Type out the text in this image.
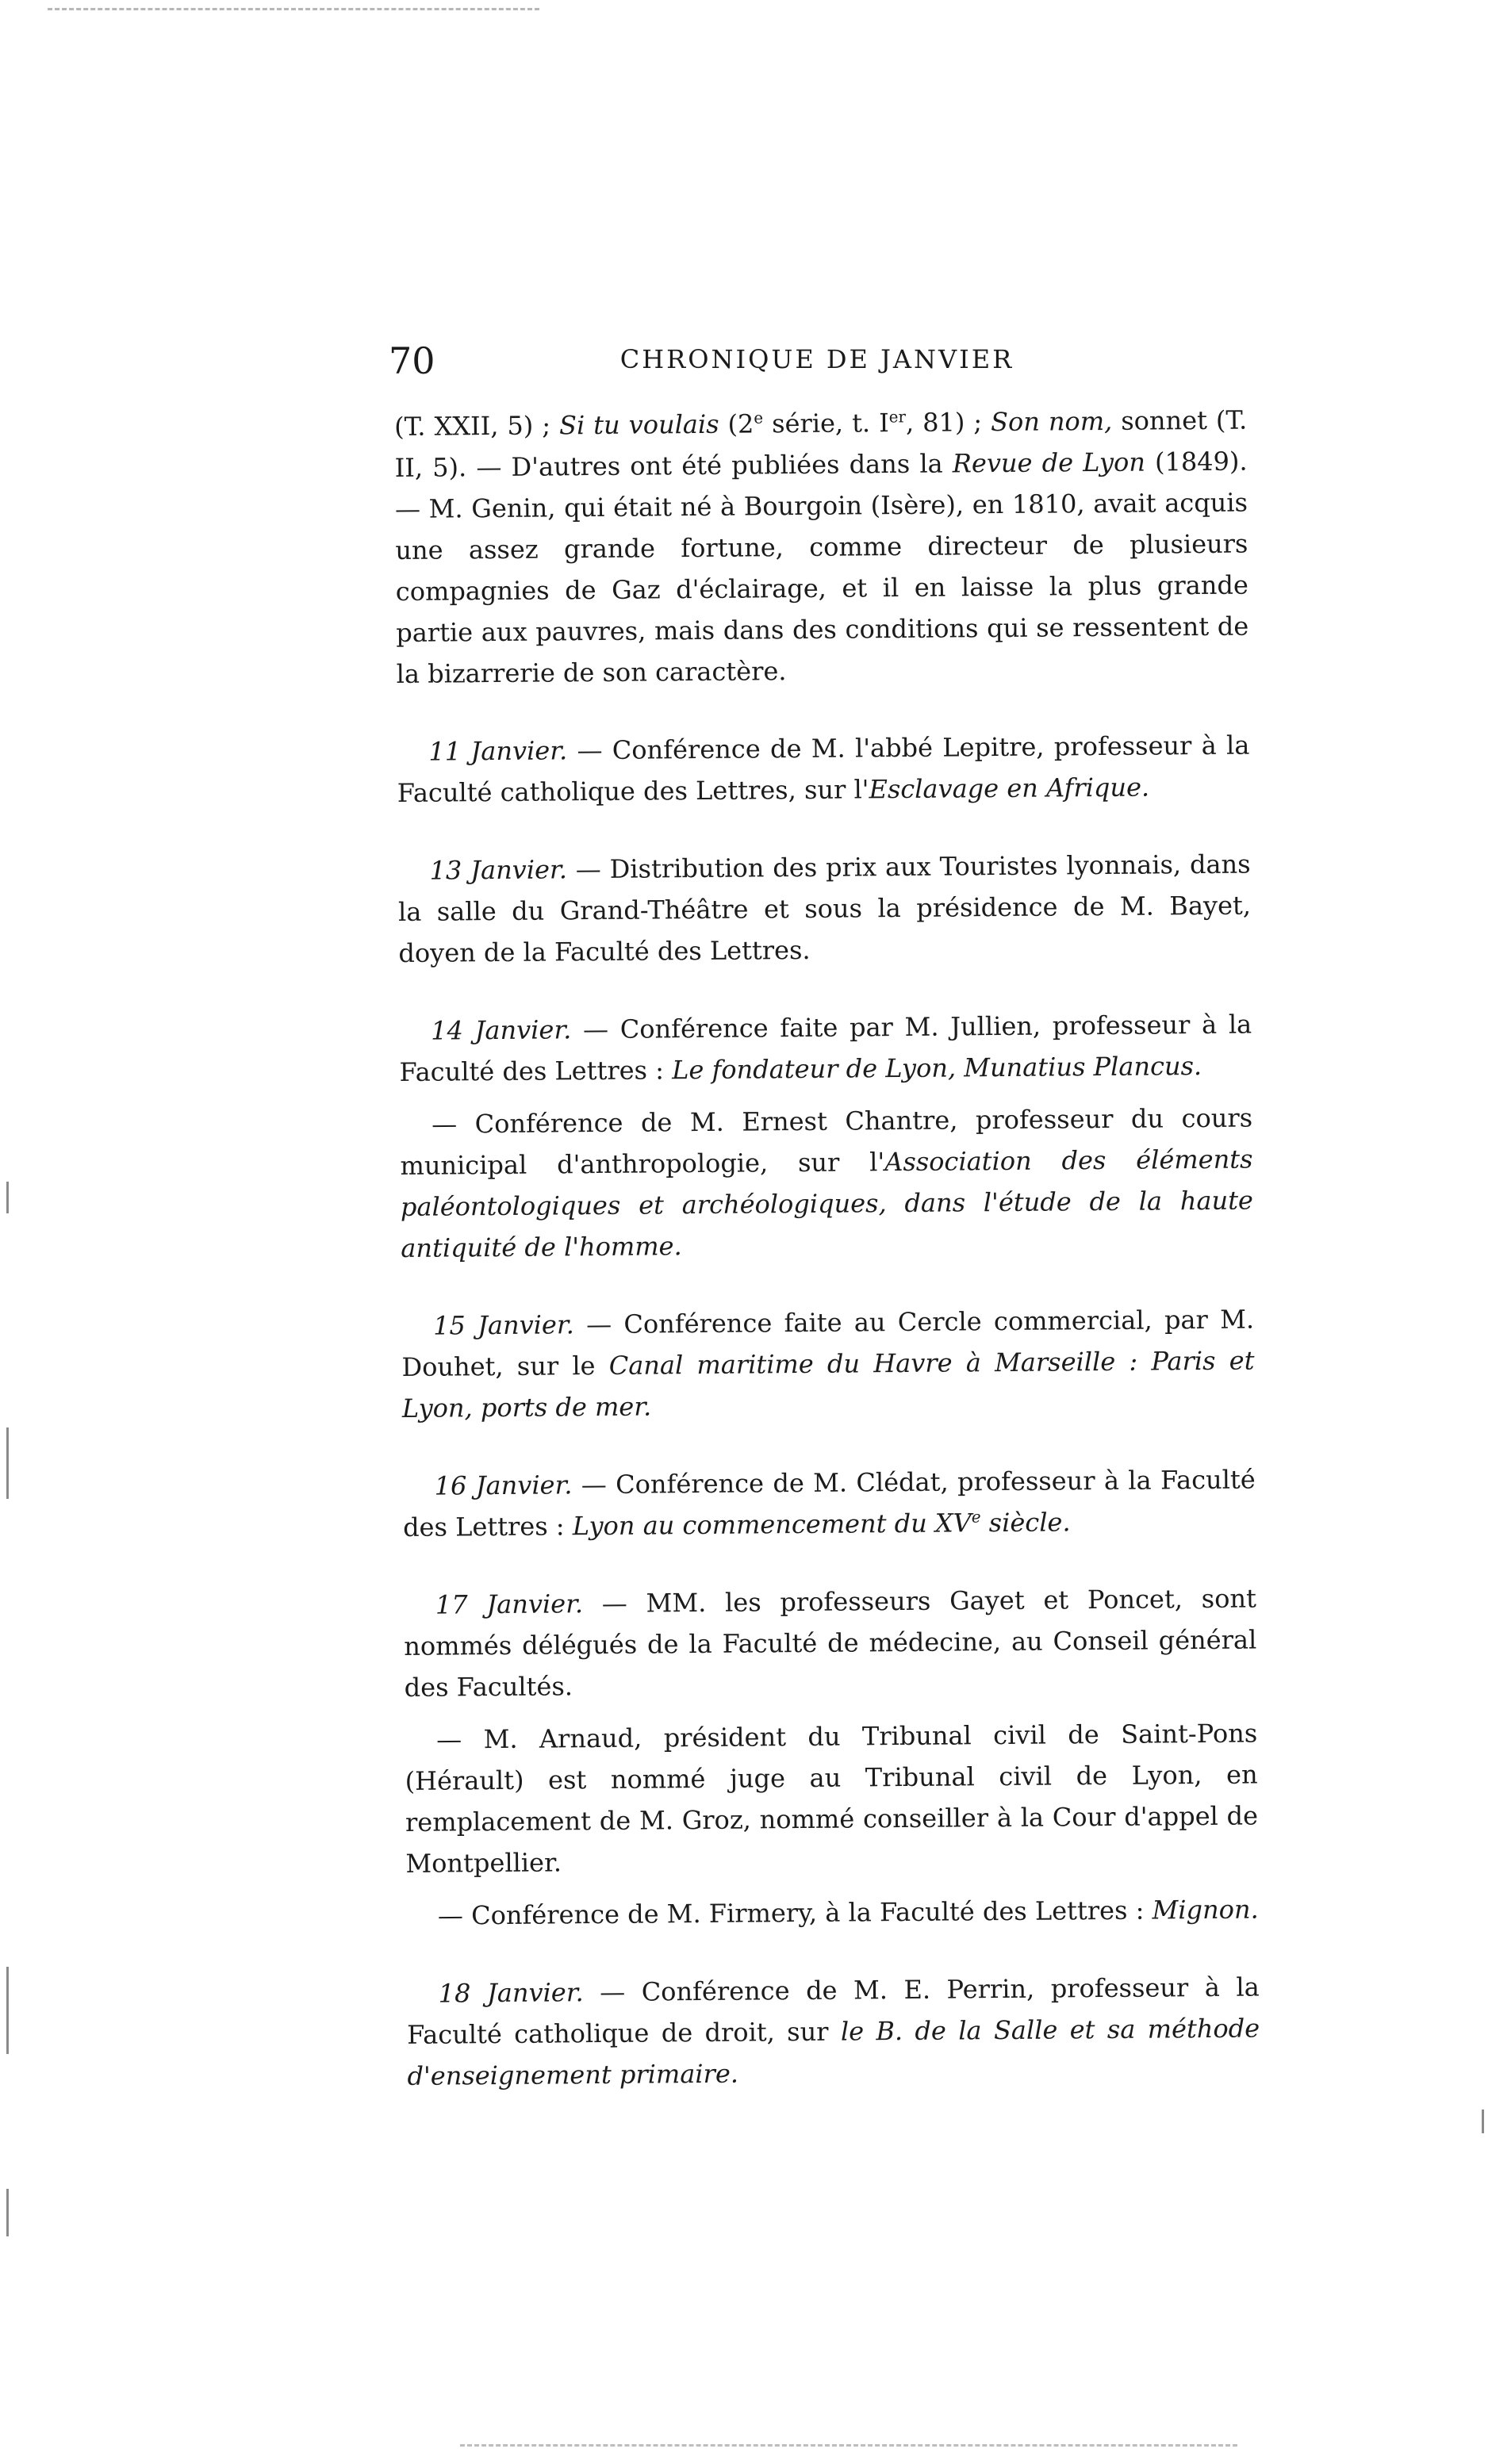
70	CHRONIQUE DE JANVIER

(T. XXII, 5) ; Si tu voulais (2e série, t. Ier, 81) ; Son nom, sonnet (T. II, 5). — D'autres ont été publiées dans la Revue de Lyon (1849). — M. Genin, qui était né à Bourgoin (Isère), en 1810, avait acquis une assez grande fortune, comme directeur de plusieurs compagnies de Gaz d'éclairage, et il en laisse la plus grande partie aux pauvres, mais dans des conditions qui se ressentent de la bizarrerie de son caractère.

11 Janvier. — Conférence de M. l'abbé Lepitre, professeur à la Faculté catholique des Lettres, sur l'Esclavage en Afrique.

13 Janvier. — Distribution des prix aux Touristes lyonnais, dans la salle du Grand-Théâtre et sous la présidence de M. Bayet, doyen de la Faculté des Lettres.

14 Janvier. — Conférence faite par M. Jullien, professeur à la Faculté des Lettres : Le fondateur de Lyon, Munatius Plancus.

— Conférence de M. Ernest Chantre, professeur du cours municipal d'anthropologie, sur l'Association des éléments paléontologiques et archéologiques, dans l'étude de la haute antiquité de l'homme.

15 Janvier. — Conférence faite au Cercle commercial, par M. Douhet, sur le Canal maritime du Havre à Marseille : Paris et Lyon, ports de mer.

16 Janvier. — Conférence de M. Clédat, professeur à la Faculté des Lettres : Lyon au commencement du XVe siècle.

17 Janvier. — MM. les professeurs Gayet et Poncet, sont nommés délégués de la Faculté de médecine, au Conseil général des Facultés.

— M. Arnaud, président du Tribunal civil de Saint-Pons (Hérault) est nommé juge au Tribunal civil de Lyon, en remplacement de M. Groz, nommé conseiller à la Cour d'appel de Montpellier.

— Conférence de M. Firmery, à la Faculté des Lettres : Mignon.

18 Janvier. — Conférence de M. E. Perrin, professeur à la Faculté catholique de droit, sur le B. de la Salle et sa méthode d'enseignement primaire.
